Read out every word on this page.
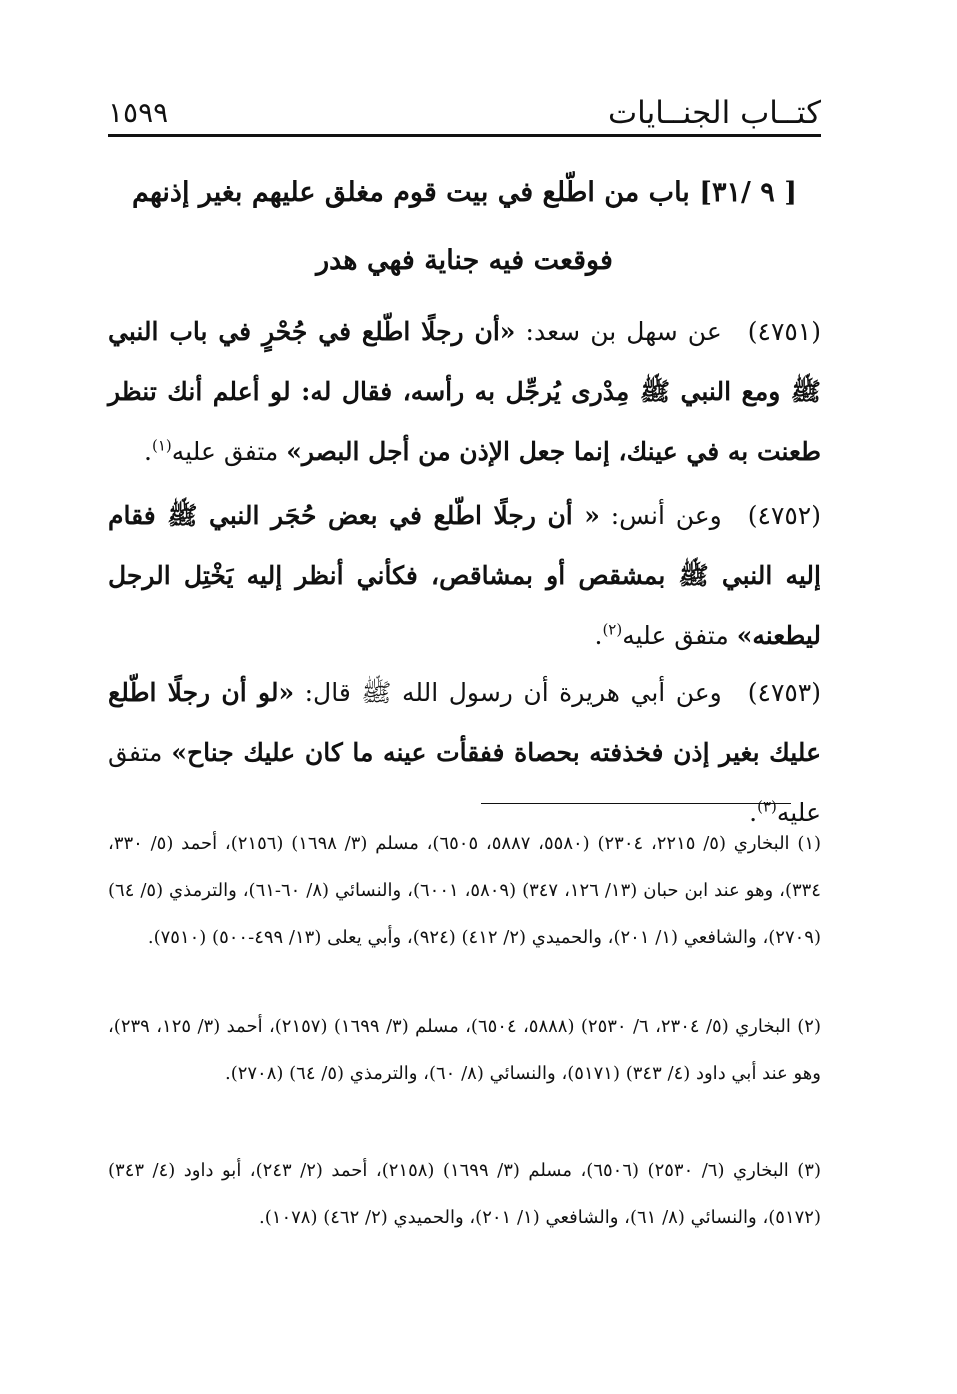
١٥٩٩	كتــاب الجنــايات
[ ٩ /٣١] باب من اطّلع في بيت قوم مغلق عليهم بغير إذنهم
فوقعت فيه جناية فهي هدر
(٤٧٥١)عن سهل بن سعد: «أن رجلًا اطّلع في جُحْرٍ في باب النبي ﷺ ومع النبي ﷺ مِدْرى يُرجِّل به رأسه، فقال له: لو أعلم أنك تنظر طعنت به في عينك، إنما جعل الإذن من أجل البصر» متفق عليه$^{(١)}$.
(٤٧٥٢)وعن أنس: « أن رجلًا اطّلع في بعض حُجَر النبي ﷺ فقام إليه النبي ﷺ بمشقص أو بمشاقص، فكأني أنظر إليه يَخْتِل الرجل ليطعنه» متفق عليه$^{(٢)}$.
(٤٧٥٣)وعن أبي هريرة أن رسول الله ﷺ قال: «لو أن رجلًا اطّلع عليك بغير إذن فخذفته بحصاة ففقأت عينه ما كان عليك جناح» متفق عليه$^{(٣)}$.
(١) البخاري (٥/ ٢٢١٥، ٢٣٠٤) (٥٥٨٠، ٥٨٨٧، ٦٥٠٥)، مسلم (٣/ ١٦٩٨) (٢١٥٦)، أحمد (٥/ ٣٣٠، ٣٣٤)، وهو عند ابن حبان (١٣/ ١٢٦، ٣٤٧) (٥٨٠٩، ٦٠٠١)، والنسائي (٨/ ٦٠-٦١)، والترمذي (٥/ ٦٤) (٢٧٠٩)، والشافعي (١/ ٢٠١)، والحميدي (٢/ ٤١٢) (٩٢٤)، وأبي يعلى (١٣/ ٤٩٩-٥٠٠) (٧٥١٠).
(٢) البخاري (٥/ ٢٣٠٤، ٦/ ٢٥٣٠) (٥٨٨٨، ٦٥٠٤)، مسلم (٣/ ١٦٩٩) (٢١٥٧)، أحمد (٣/ ١٢٥، ٢٣٩)، وهو عند أبي داود (٤/ ٣٤٣) (٥١٧١)، والنسائي (٨/ ٦٠)، والترمذي (٥/ ٦٤) (٢٧٠٨).
(٣) البخاري (٦/ ٢٥٣٠) (٦٥٠٦)، مسلم (٣/ ١٦٩٩) (٢١٥٨)، أحمد (٢/ ٢٤٣)، أبو داود (٤/ ٣٤٣) (٥١٧٢)، والنسائي (٨/ ٦١)، والشافعي (١/ ٢٠١)، والحميدي (٢/ ٤٦٢) (١٠٧٨).
